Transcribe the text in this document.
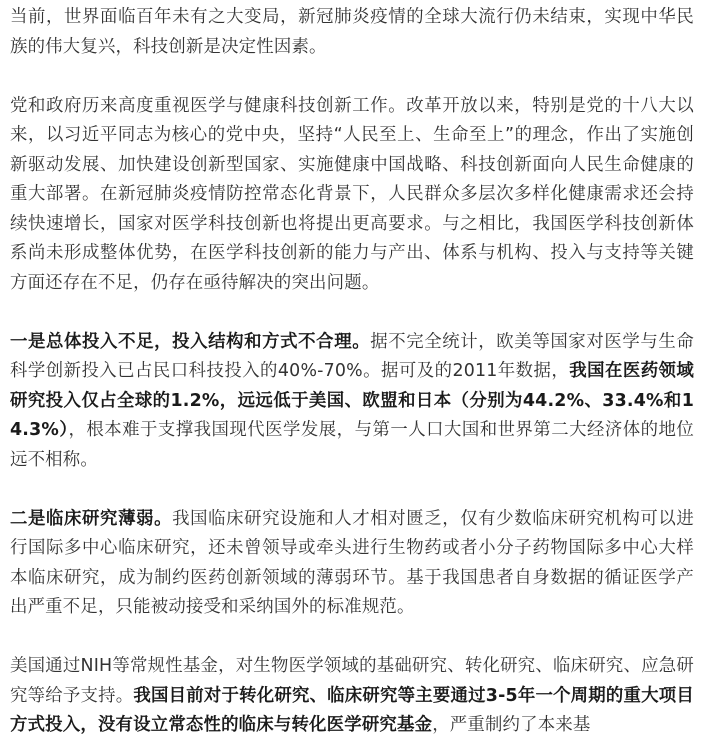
当前，世界面临百年未有之大变局，新冠肺炎疫情的全球大流行仍未结束，实现中华民族的伟大复兴，科技创新是决定性因素。

党和政府历来高度重视医学与健康科技创新工作。改革开放以来，特别是党的十八大以来，以习近平同志为核心的党中央，坚持“人民至上、生命至上”的理念，作出了实施创新驱动发展、加快建设创新型国家、实施健康中国战略、科技创新面向人民生命健康的重大部署。在新冠肺炎疫情防控常态化背景下，人民群众多层次多样化健康需求还会持续快速增长，国家对医学科技创新也将提出更高要求。与之相比，我国医学科技创新体系尚未形成整体优势，在医学科技创新的能力与产出、体系与机构、投入与支持等关键方面还存在不足，仍存在亟待解决的突出问题。

一是总体投入不足，投入结构和方式不合理。据不完全统计，欧美等国家对医学与生命科学创新投入已占民口科技投入的40%-70%。据可及的2011年数据，我国在医药领域研究投入仅占全球的1.2%，远远低于美国、欧盟和日本（分别为44.2%、33.4%和14.3%），根本难于支撑我国现代医学发展，与第一人口大国和世界第二大经济体的地位远不相称。

二是临床研究薄弱。我国临床研究设施和人才相对匮乏，仅有少数临床研究机构可以进行国际多中心临床研究，还未曾领导或牵头进行生物药或者小分子药物国际多中心大样本临床研究，成为制约医药创新领域的薄弱环节。基于我国患者自身数据的循证医学产出严重不足，只能被动接受和采纳国外的标准规范。

美国通过NIH等常规性基金，对生物医学领域的基础研究、转化研究、临床研究、应急研究等给予支持。我国目前对于转化研究、临床研究等主要通过3-5年一个周期的重大项目方式投入，没有设立常态性的临床与转化医学研究基金，严重制约了本来基
